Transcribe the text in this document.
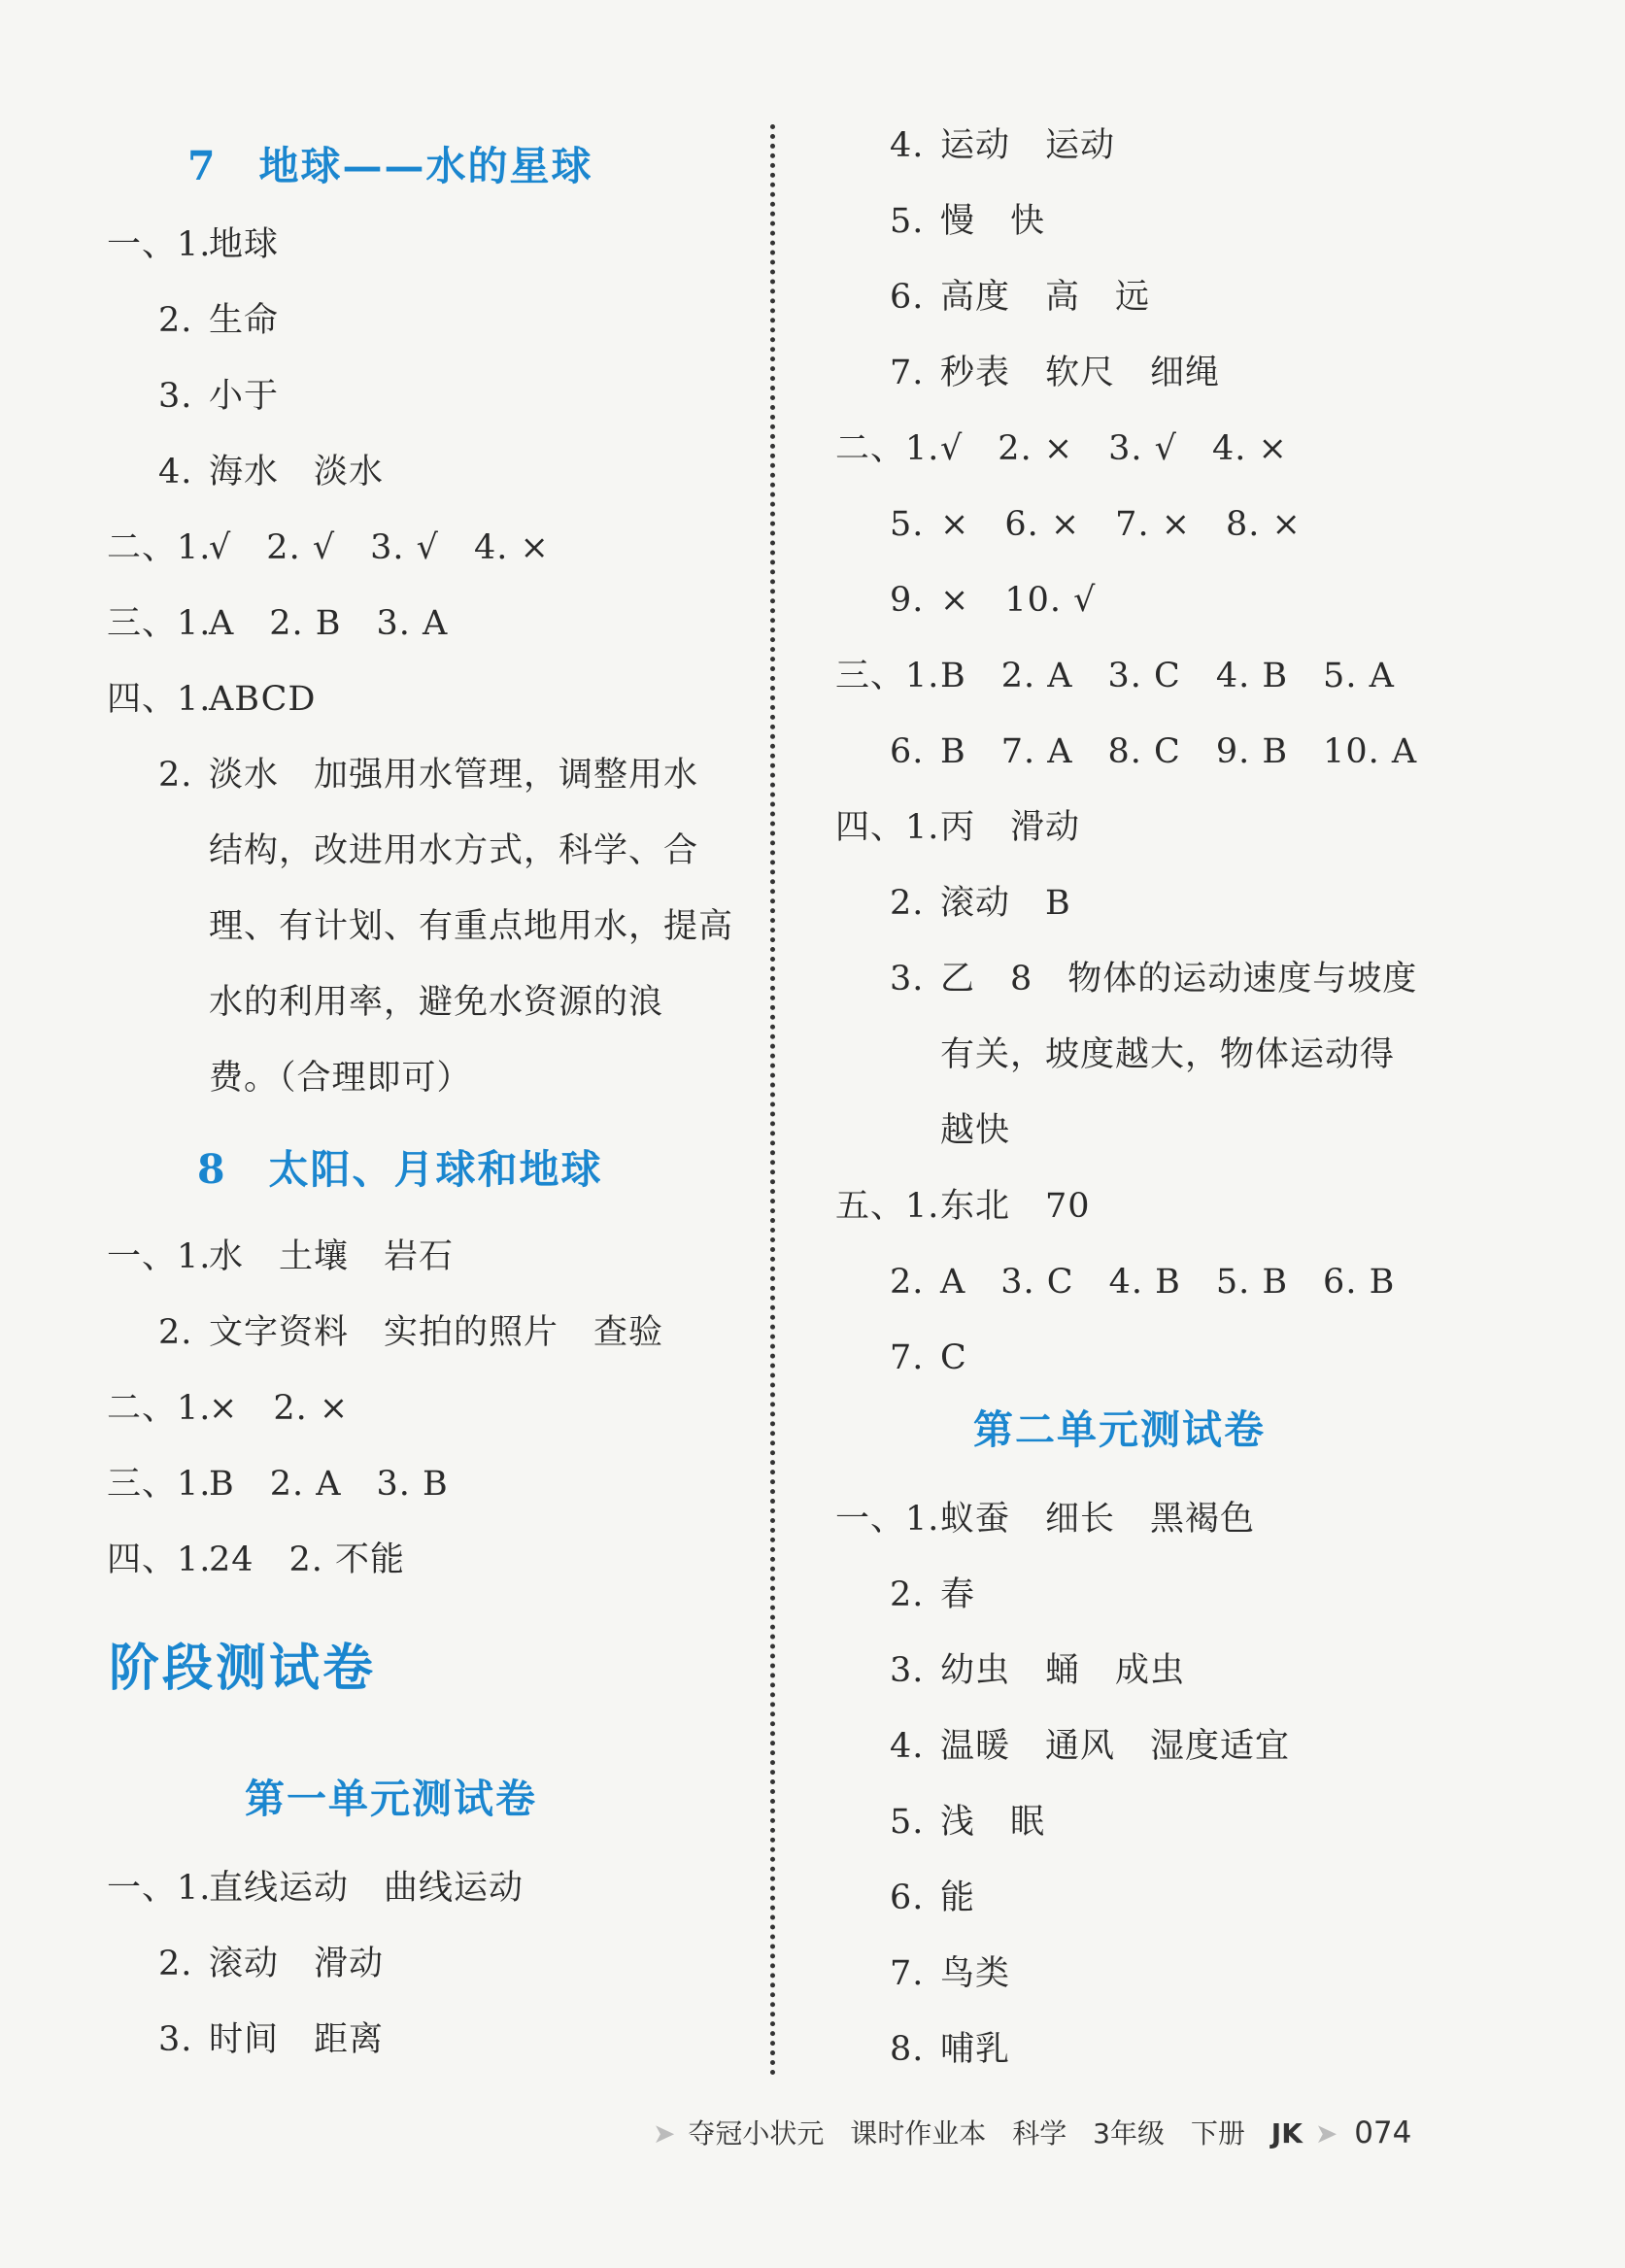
7　地球——水的星球
一、1.地球
2. 生命
3. 小于
4. 海水　淡水
二、1.√　2. √　3. √　4. ×
三、1.A　2. B　3. A
四、1.ABCD
2. 淡水　加强用水管理，调整用水
结构，改进用水方式，科学、合
理、有计划、有重点地用水，提高
水的利用率，避免水资源的浪
费。（合理即可）
8　太阳、月球和地球
一、1.水　土壤　岩石
2. 文字资料　实拍的照片　查验
二、1.×　2. ×
三、1.B　2. A　3. B
四、1.24　2. 不能
阶段测试卷
第一单元测试卷
一、1.直线运动　曲线运动
2. 滚动　滑动
3. 时间　距离
4. 运动　运动
5. 慢　快
6. 高度　高　远
7. 秒表　软尺　细绳
二、1.√　2. ×　3. √　4. ×
5. ×　6. ×　7. ×　8. ×
9. ×　10. √
三、1.B　2. A　3. C　4. B　5. A
6. B　7. A　8. C　9. B　10. A
四、1.丙　滑动
2. 滚动　B
3. 乙　8　物体的运动速度与坡度
有关，坡度越大，物体运动得
越快
五、1.东北　70
2. A　3. C　4. B　5. B　6. B
7. C
第二单元测试卷
一、1.蚁蚕　细长　黑褐色
2. 春
3. 幼虫　蛹　成虫
4. 温暖　通风　湿度适宜
5. 浅　眠
6. 能
7. 鸟类
8. 哺乳
➤ 夺冠小状元 课时作业本 科学 3年级 下册 JK ➤ 074
